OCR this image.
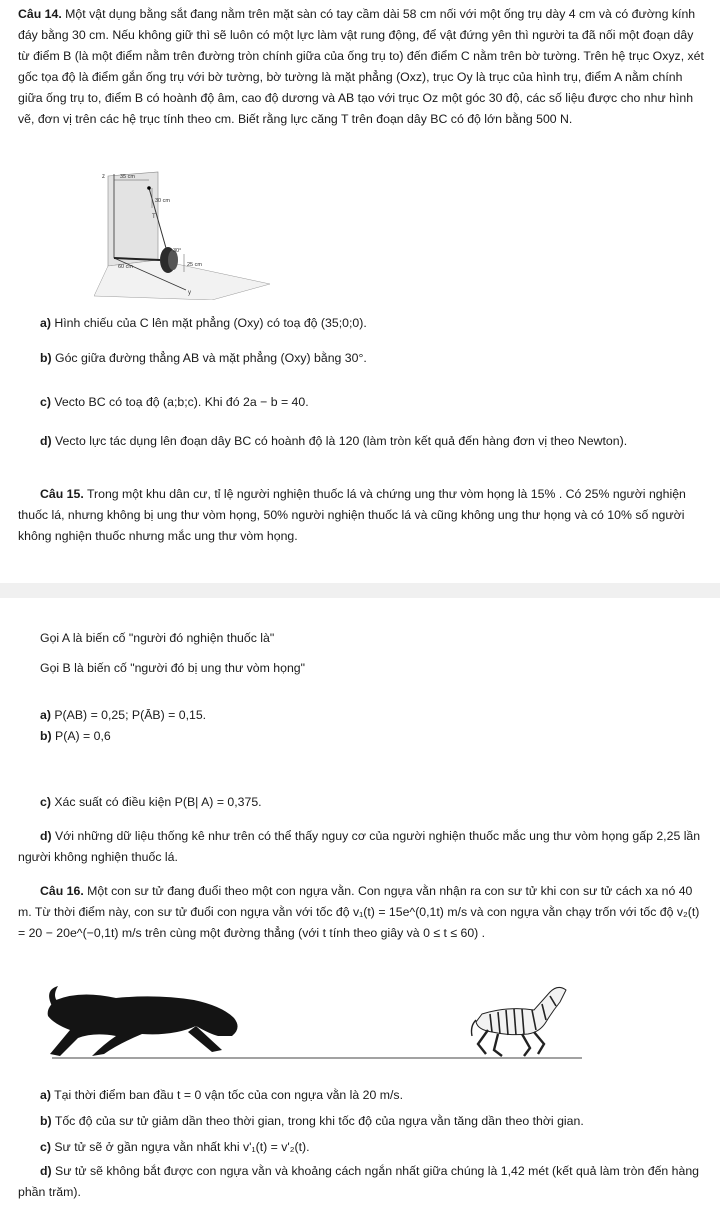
Câu 14. Một vật dụng bằng sắt đang nằm trên mặt sàn có tay cầm dài 58 cm nối với một ống trụ dày 4 cm và có đường kính đáy bằng 30 cm. Nếu không giữ thì sẽ luôn có một lực làm vật rung động, để vật đứng yên thì người ta đã nối một đoạn dây từ điểm B (là một điểm nằm trên đường tròn chính giữa của ống trụ to) đến điểm C nằm trên bờ tường. Trên hệ trục Oxyz, xét gốc tọa độ là điểm gắn ống trụ với bờ tường, bờ tường là mặt phẳng (Oxz), trục Oy là trục của hình trụ, điểm A nằm chính giữa ống trụ to, điểm B có hoành độ âm, cao độ dương và AB tạo với trục Oz một góc 30 độ, các số liệu được cho như hình vẽ, đơn vị trên các hệ trục tính theo cm. Biết rằng lực căng T trên đoạn dây BC có độ lớn bằng 500 N.
z
y
35 cm
30 cm
T
60 cm
30°
25 cm
a) Hình chiếu của C lên mặt phẳng (Oxy) có toạ độ (35;0;0).
b) Góc giữa đường thẳng AB và mặt phẳng (Oxy) bằng 30°.
c) Vecto BC có toạ độ (a;b;c). Khi đó 2a − b = 40.
d) Vecto lực tác dụng lên đoạn dây BC có hoành độ là 120 (làm tròn kết quả đến hàng đơn vị theo Newton).
Câu 15. Trong một khu dân cư, tỉ lệ người nghiện thuốc lá và chứng ung thư vòm họng là 15% . Có 25% người nghiện thuốc lá, nhưng không bị ung thư vòm họng, 50% người nghiện thuốc lá và cũng không ung thư họng và có 10% số người không nghiện thuốc nhưng mắc ung thư vòm họng.
Gọi A là biến cố "người đó nghiện thuốc là"
Gọi B là biến cố "người đó bị ung thư vòm họng"
a) P(AB) = 0,25; P(ĀB) = 0,15.
b) P(A) = 0,6
c) Xác suất có điều kiện P(B| A) = 0,375.
d) Với những dữ liệu thống kê như trên có thể thấy nguy cơ của người nghiện thuốc mắc ung thư vòm họng gấp 2,25 lần người không nghiện thuốc lá.
Câu 16. Một con sư tử đang đuổi theo một con ngựa vằn. Con ngựa vằn nhận ra con sư tử khi con sư tử cách xa nó 40 m. Từ thời điểm này, con sư tử đuổi con ngựa vằn với tốc độ v₁(t) = 15e^(0,1t) m/s và con ngựa vằn chạy trốn với tốc độ v₂(t) = 20 − 20e^(−0,1t) m/s trên cùng một đường thẳng (với t tính theo giây và 0 ≤ t ≤ 60) .
a) Tại thời điểm ban đầu t = 0 vận tốc của con ngựa vằn là 20 m/s.
b) Tốc độ của sư tử giảm dần theo thời gian, trong khi tốc độ của ngựa vằn tăng dần theo thời gian.
c) Sư tử sẽ ở gần ngựa vằn nhất khi v'₁(t) = v'₂(t).
d) Sư tử sẽ không bắt được con ngựa vằn và khoảng cách ngắn nhất giữa chúng là 1,42 mét (kết quả làm tròn đến hàng phần trăm).
